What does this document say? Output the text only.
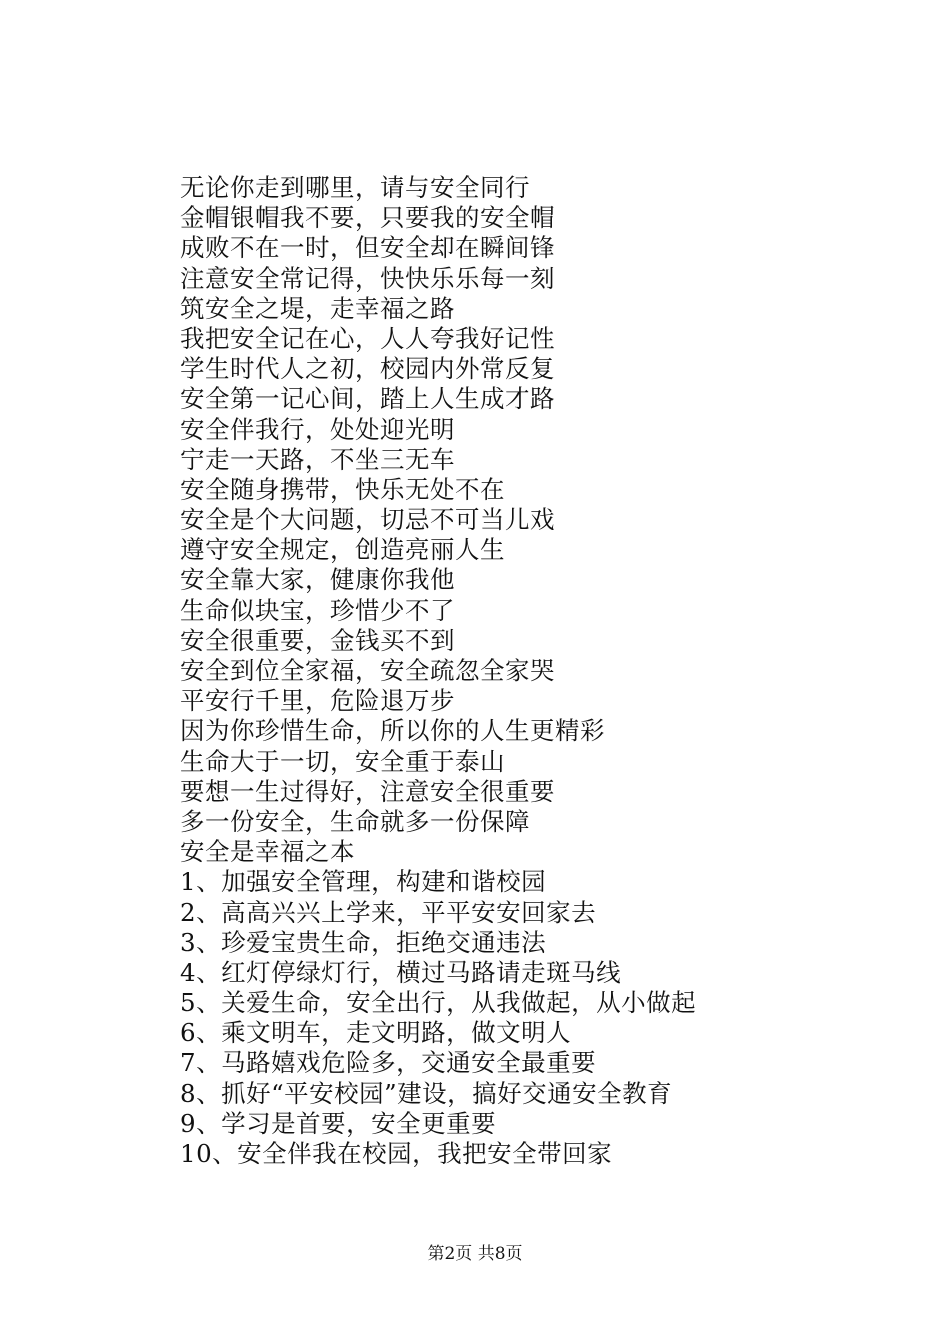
无论你走到哪里，请与安全同行
金帽银帽我不要，只要我的安全帽
成败不在一时，但安全却在瞬间锋
注意安全常记得，快快乐乐每一刻
筑安全之堤，走幸福之路
我把安全记在心，人人夸我好记性
学生时代人之初，校园内外常反复
安全第一记心间，踏上人生成才路
安全伴我行，处处迎光明
宁走一天路，不坐三无车
安全随身携带，快乐无处不在
安全是个大问题，切忌不可当儿戏
遵守安全规定，创造亮丽人生
安全靠大家，健康你我他
生命似块宝，珍惜少不了
安全很重要，金钱买不到
安全到位全家福，安全疏忽全家哭
平安行千里，危险退万步
因为你珍惜生命，所以你的人生更精彩
生命大于一切，安全重于泰山
要想一生过得好，注意安全很重要
多一份安全，生命就多一份保障
安全是幸福之本
1、加强安全管理，构建和谐校园
2、高高兴兴上学来，平平安安回家去
3、珍爱宝贵生命，拒绝交通违法
4、红灯停绿灯行，横过马路请走斑马线
5、关爱生命，安全出行，从我做起，从小做起
6、乘文明车，走文明路，做文明人
7、马路嬉戏危险多，交通安全最重要
8、抓好“平安校园”建设，搞好交通安全教育
9、学习是首要，安全更重要
10、安全伴我在校园，我把安全带回家
第2页 共8页
